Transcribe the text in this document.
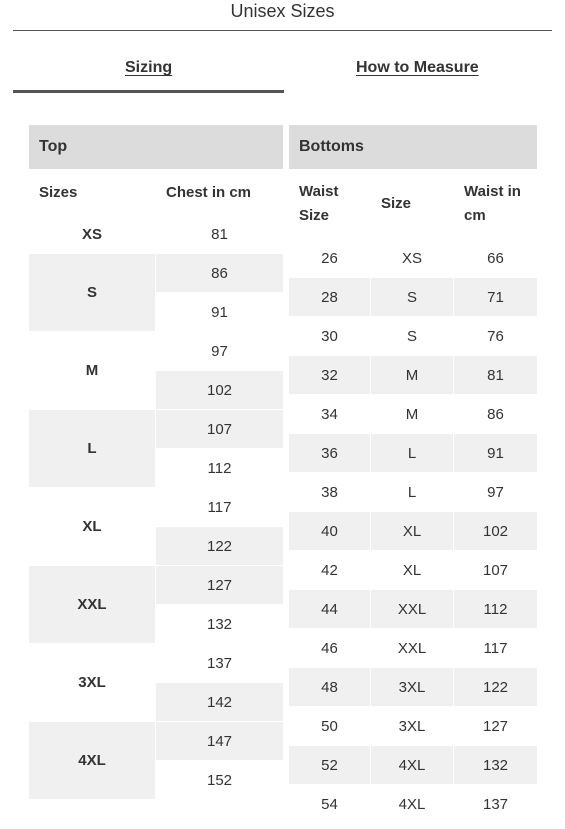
Unisex Sizes
Sizing	How to Measure
Top	
Sizes	Chest in cm
XS	81
S	86
	91
M	97
	102
L	107
	112
XL	117
	122
XXL	127
	132
3XL	137
	142
4XL	147
	152
Bottoms		
Waist Size	Size	Waist in cm
26	XS	66
28	S	71
30	S	76
32	M	81
34	M	86
36	L	91
38	L	97
40	XL	102
42	XL	107
44	XXL	112
46	XXL	117
48	3XL	122
50	3XL	127
52	4XL	132
54	4XL	137
